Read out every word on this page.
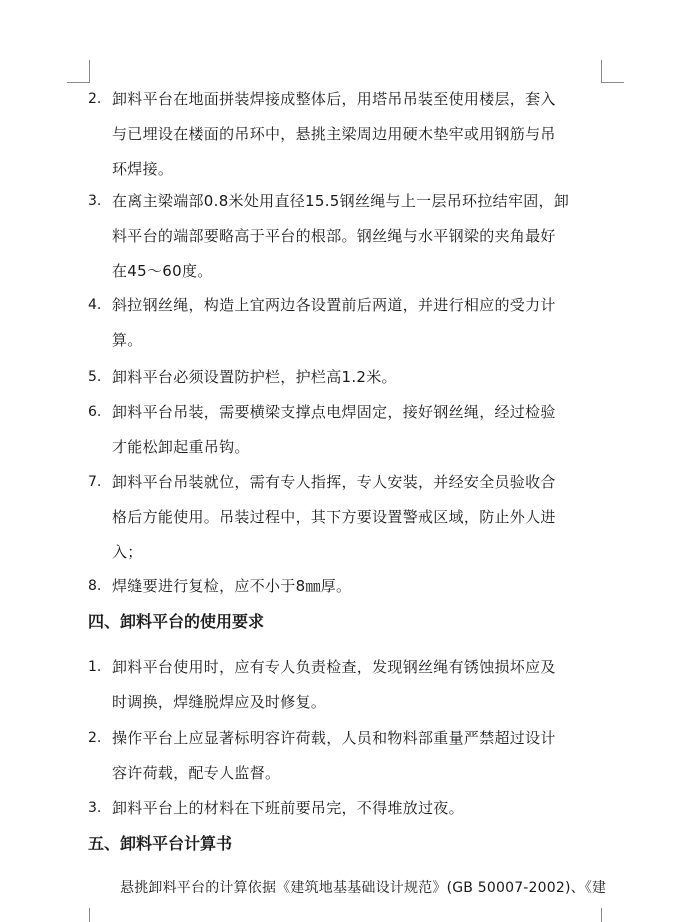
2. 卸料平台在地面拼装焊接成整体后，用塔吊吊装至使用楼层，套入
与已埋设在楼面的吊环中，悬挑主梁周边用硬木垫牢或用钢筋与吊
环焊接。
3. 在离主梁端部0.8米处用直径15.5钢丝绳与上一层吊环拉结牢固，卸
料平台的端部要略高于平台的根部。钢丝绳与水平钢梁的夹角最好
在45～60度。
4. 斜拉钢丝绳，构造上宜两边各设置前后两道，并进行相应的受力计
算。
5. 卸料平台必须设置防护栏，护栏高1.2米。
6. 卸料平台吊装，需要横梁支撑点电焊固定，接好钢丝绳，经过检验
才能松卸起重吊钩。
7. 卸料平台吊装就位，需有专人指挥，专人安装，并经安全员验收合
格后方能使用。吊装过程中，其下方要设置警戒区域，防止外人进
入；
8. 焊缝要进行复检，应不小于8㎜厚。
四、卸料平台的使用要求
1. 卸料平台使用时，应有专人负责检查，发现钢丝绳有锈蚀损坏应及
时调换，焊缝脱焊应及时修复。
2. 操作平台上应显著标明容许荷载，人员和物料部重量严禁超过设计
容许荷载，配专人监督。
3. 卸料平台上的材料在下班前要吊完，不得堆放过夜。
五、卸料平台计算书
悬挑卸料平台的计算依据《建筑地基基础设计规范》(GB 50007-2002)、《建
